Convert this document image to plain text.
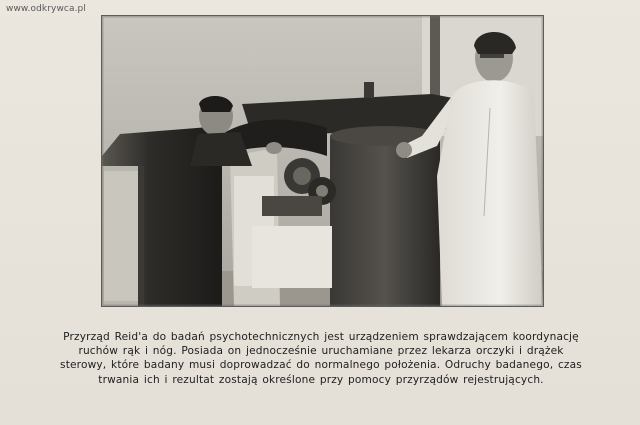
www.odkrywca.pl
Przyrząd Reid'a do badań psychotechnicznych jest urządzeniem sprawdzającem koordynację
ruchów rąk i nóg. Posiada on jednocześnie uruchamiane przez lekarza orczyki i drążek
sterowy, które badany musi doprowadzać do normalnego położenia. Odruchy badanego, czas
trwania ich i rezultat zostają określone przy pomocy przyrządów rejestrujących.
